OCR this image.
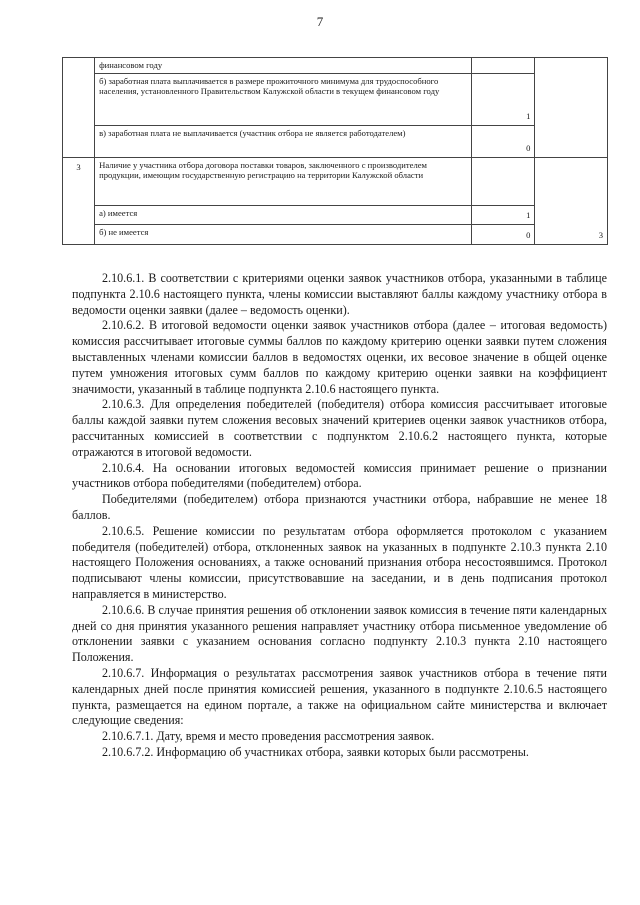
7
	финансовом году		
	б) заработная плата выплачивается в размере прожиточного минимума для трудоспособного населения, установленного Правительством Калужской области в текущем финансовом году	1	
	в) заработная плата не выплачивается (участник отбора не является работодателем)	0	
3	Наличие у участника отбора договора поставки товаров, заключенного с производителем продукции, имеющим государственную регистрацию на территории Калужской области		3
	а) имеется	1	
	б) не имеется	0	

2.10.6.1. В соответствии с критериями оценки заявок участников отбора, указанными в таблице подпункта 2.10.6 настоящего пункта, члены комиссии выставляют баллы каждому участнику отбора в ведомости оценки заявки (далее – ведомость оценки).

2.10.6.2. В итоговой ведомости оценки заявок участников отбора (далее – итоговая ведомость) комиссия рассчитывает итоговые суммы баллов по каждому критерию оценки заявки путем сложения выставленных членами комиссии баллов в ведомостях оценки, их весовое значение в общей оценке путем умножения итоговых сумм баллов по каждому критерию оценки заявки на коэффициент значимости, указанный в таблице подпункта 2.10.6 настоящего пункта.

2.10.6.3. Для определения победителей (победителя) отбора комиссия рассчитывает итоговые баллы каждой заявки путем сложения весовых значений критериев оценки заявок участников отбора, рассчитанных комиссией в соответствии с подпунктом 2.10.6.2 настоящего пункта, которые отражаются в итоговой ведомости.

2.10.6.4. На основании итоговых ведомостей комиссия принимает решение о признании участников отбора победителями (победителем) отбора.

Победителями (победителем) отбора признаются участники отбора, набравшие не менее 18 баллов.

2.10.6.5. Решение комиссии по результатам отбора оформляется протоколом с указанием победителя (победителей) отбора, отклоненных заявок на указанных в подпункте 2.10.3 пункта 2.10 настоящего Положения основаниях, а также оснований признания отбора несостоявшимся. Протокол подписывают члены комиссии, присутствовавшие на заседании, и в день подписания протокол направляется в министерство.

2.10.6.6. В случае принятия решения об отклонении заявок комиссия в течение пяти календарных дней со дня принятия указанного решения направляет участнику отбора письменное уведомление об отклонении заявки с указанием основания согласно подпункту 2.10.3 пункта 2.10 настоящего Положения.

2.10.6.7. Информация о результатах рассмотрения заявок участников отбора в течение пяти календарных дней после принятия комиссией решения, указанного в подпункте 2.10.6.5 настоящего пункта, размещается на едином портале, а также на официальном сайте министерства и включает следующие сведения:

2.10.6.7.1. Дату, время и место проведения рассмотрения заявок.

2.10.6.7.2. Информацию об участниках отбора, заявки которых были рассмотрены.
